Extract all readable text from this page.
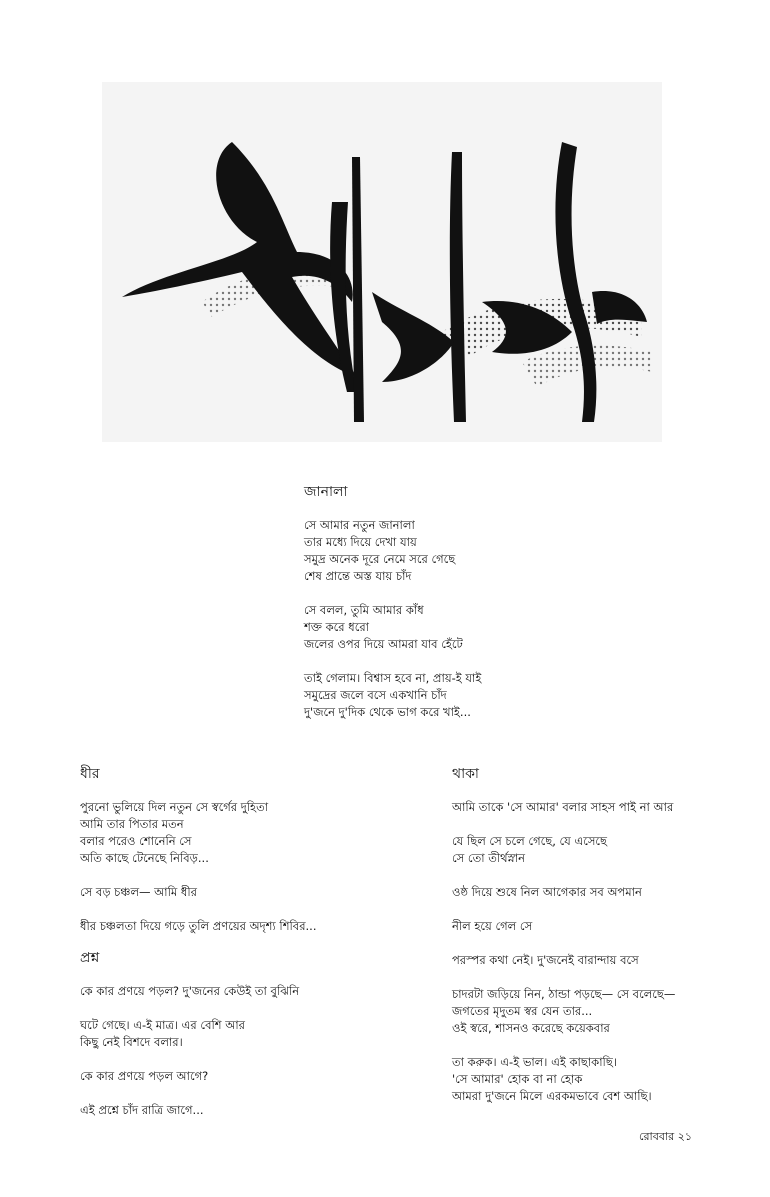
জানালা
সে আমার নতুন জানালা
তার মধ্যে দিয়ে দেখা যায়
সমুদ্র অনেক দূরে নেমে সরে গেছে
শেষ প্রান্তে অস্ত যায় চাঁদ
সে বলল, তুমি আমার কাঁধ
শক্ত করে ধরো
জলের ওপর দিয়ে আমরা যাব হেঁটে
তাই গেলাম। বিশ্বাস হবে না, প্রায়-ই যাই
সমুদ্রের জলে বসে একখানি চাঁদ
দু'জনে দু'দিক থেকে ভাগ করে খাই...
ধীর
পুরনো ভুলিয়ে দিল নতুন সে স্বর্গের দুহিতা
আমি তার পিতার মতন
বলার পরেও শোনেনি সে
অতি কাছে টেনেছে নিবিড়...
সে বড় চঞ্চল— আমি ধীর
ধীর চঞ্চলতা দিয়ে গড়ে তুলি প্রণয়ের অদৃশ্য শিবির...
প্রশ্ন
কে কার প্রণয়ে পড়ল? দু'জনের কেউই তা বুঝিনি
ঘটে গেছে। এ-ই মাত্র। এর বেশি আর
কিছু নেই বিশদে বলার।
কে কার প্রণয়ে পড়ল আগে?
এই প্রশ্নে চাঁদ রাত্রি জাগে...
থাকা
আমি তাকে 'সে আমার' বলার সাহস পাই না আর
যে ছিল সে চলে গেছে, যে এসেছে
সে তো তীর্থস্নান
ওষ্ঠ দিয়ে শুষে নিল আগেকার সব অপমান
নীল হয়ে গেল সে
পরস্পর কথা নেই। দু'জনেই বারান্দায় বসে
চাদরটা জড়িয়ে নিন, ঠান্ডা পড়ছে— সে বলেছে—
জগতের মৃদুতম স্বর যেন তার...
ওই স্বরে, শাসনও করেছে কয়েকবার
তা করুক। এ-ই ভাল। এই কাছাকাছি।
'সে আমার' হোক বা না হোক
আমরা দু'জনে মিলে এরকমভাবে বেশ আছি।
রোববার ২১
